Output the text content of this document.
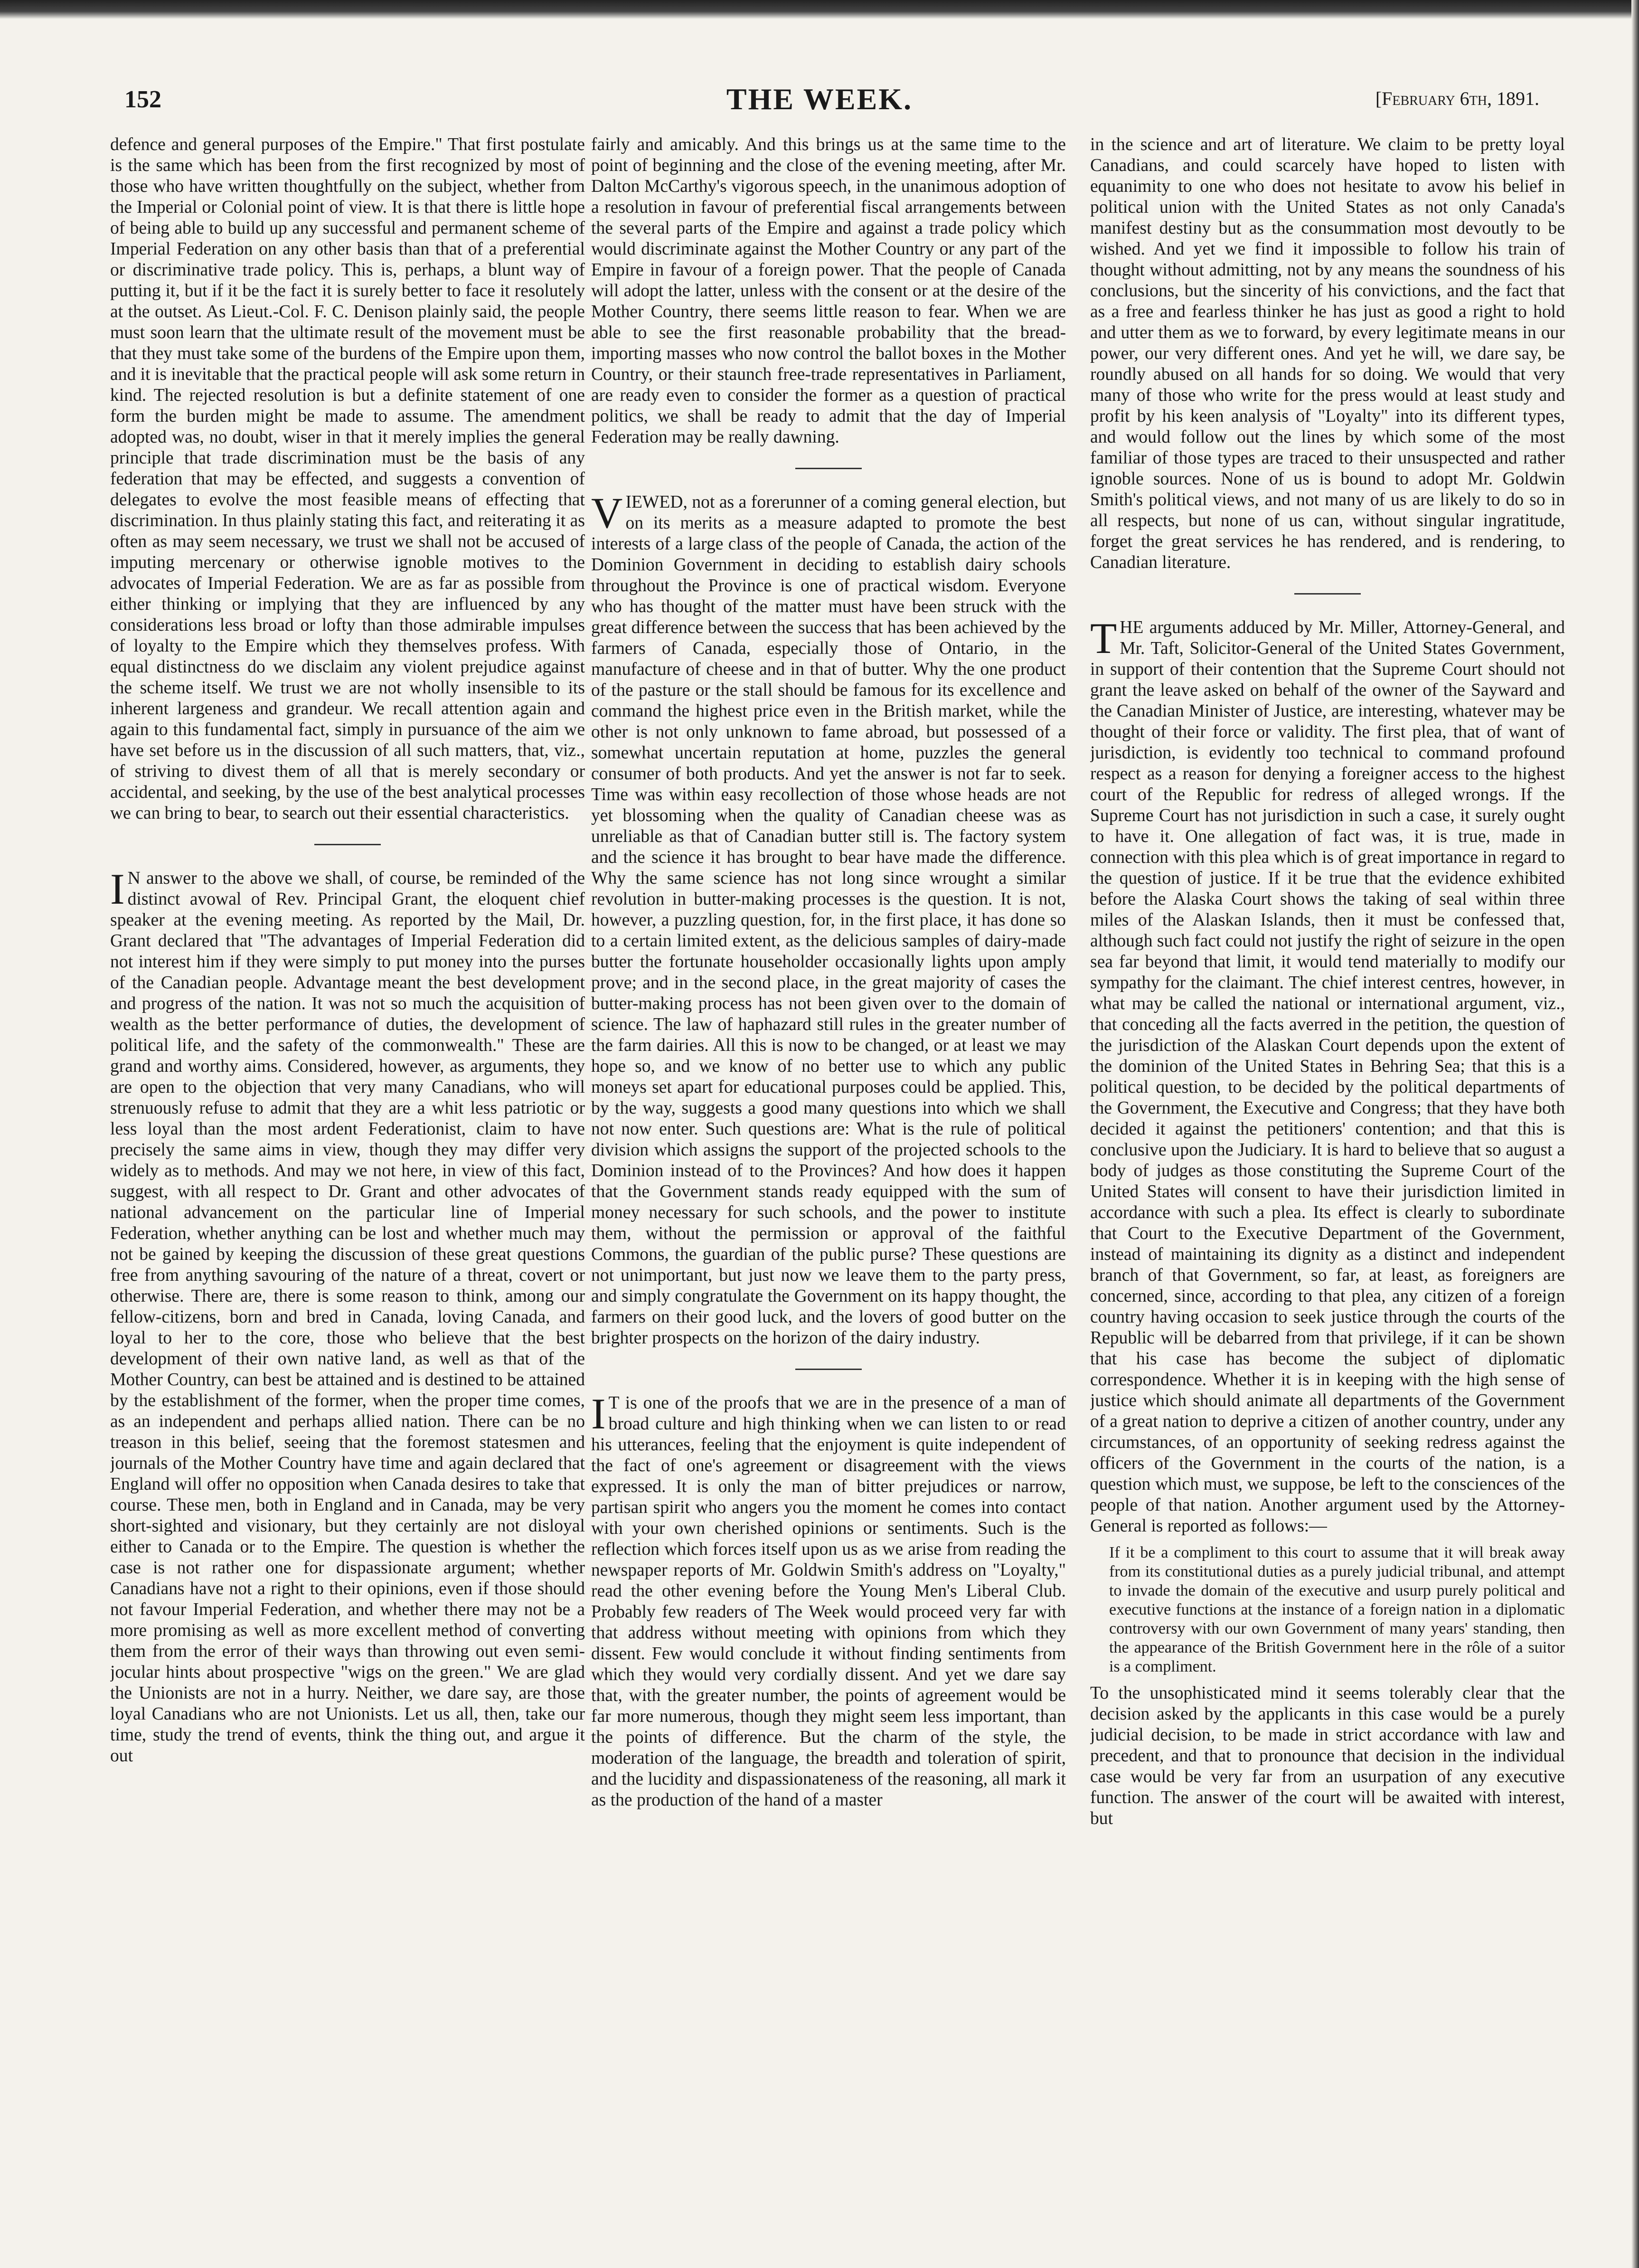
152	THE WEEK.	[February 6th, 1891.

defence and general purposes of the Empire." That first postulate is the same which has been from the first recognized by most of those who have written thoughtfully on the subject, whether from the Imperial or Colonial point of view. It is that there is little hope of being able to build up any successful and permanent scheme of Imperial Federation on any other basis than that of a preferential or discriminative trade policy. This is, perhaps, a blunt way of putting it, but if it be the fact it is surely better to face it resolutely at the outset. As Lieut.-Col. F. C. Denison plainly said, the people must soon learn that the ultimate result of the movement must be that they must take some of the burdens of the Empire upon them, and it is inevitable that the practical people will ask some return in kind. The rejected resolution is but a definite statement of one form the burden might be made to assume. The amendment adopted was, no doubt, wiser in that it merely implies the general principle that trade discrimination must be the basis of any federation that may be effected, and suggests a convention of delegates to evolve the most feasible means of effecting that discrimination. In thus plainly stating this fact, and reiterating it as often as may seem necessary, we trust we shall not be accused of imputing mercenary or otherwise ignoble motives to the advocates of Imperial Federation. We are as far as possible from either thinking or implying that they are influenced by any considerations less broad or lofty than those admirable impulses of loyalty to the Empire which they themselves profess. With equal distinctness do we disclaim any violent prejudice against the scheme itself. We trust we are not wholly insensible to its inherent largeness and grandeur. We recall attention again and again to this fundamental fact, simply in pursuance of the aim we have set before us in the discussion of all such matters, that, viz., of striving to divest them of all that is merely secondary or accidental, and seeking, by the use of the best analytical processes we can bring to bear, to search out their essential characteristics.

I N answer to the above we shall, of course, be reminded of the distinct avowal of Rev. Principal Grant, the eloquent chief speaker at the evening meeting. As reported by the Mail, Dr. Grant declared that "The advantages of Imperial Federation did not interest him if they were simply to put money into the purses of the Canadian people. Advantage meant the best development and progress of the nation. It was not so much the acquisition of wealth as the better performance of duties, the development of political life, and the safety of the commonwealth." These are grand and worthy aims. Considered, however, as arguments, they are open to the objection that very many Canadians, who will strenuously refuse to admit that they are a whit less patriotic or less loyal than the most ardent Federationist, claim to have precisely the same aims in view, though they may differ very widely as to methods. And may we not here, in view of this fact, suggest, with all respect to Dr. Grant and other advocates of national advancement on the particular line of Imperial Federation, whether anything can be lost and whether much may not be gained by keeping the discussion of these great questions free from anything savouring of the nature of a threat, covert or otherwise. There are, there is some reason to think, among our fellow-citizens, born and bred in Canada, loving Canada, and loyal to her to the core, those who believe that the best development of their own native land, as well as that of the Mother Country, can best be attained and is destined to be attained by the establishment of the former, when the proper time comes, as an independent and perhaps allied nation. There can be no treason in this belief, seeing that the foremost statesmen and journals of the Mother Country have time and again declared that England will offer no opposition when Canada desires to take that course. These men, both in England and in Canada, may be very short-sighted and visionary, but they certainly are not disloyal either to Canada or to the Empire. The question is whether the case is not rather one for dispassionate argument; whether Canadians have not a right to their opinions, even if those should not favour Imperial Federation, and whether there may not be a more promising as well as more excellent method of converting them from the error of their ways than throwing out even semi-jocular hints about prospective "wigs on the green." We are glad the Unionists are not in a hurry. Neither, we dare say, are those loyal Canadians who are not Unionists. Let us all, then, take our time, study the trend of events, think the thing out, and argue it out

fairly and amicably. And this brings us at the same time to the point of beginning and the close of the evening meeting, after Mr. Dalton McCarthy's vigorous speech, in the unanimous adoption of a resolution in favour of preferential fiscal arrangements between the several parts of the Empire and against a trade policy which would discriminate against the Mother Country or any part of the Empire in favour of a foreign power. That the people of Canada will adopt the latter, unless with the consent or at the desire of the Mother Country, there seems little reason to fear. When we are able to see the first reasonable probability that the bread-importing masses who now control the ballot boxes in the Mother Country, or their staunch free-trade representatives in Parliament, are ready even to consider the former as a question of practical politics, we shall be ready to admit that the day of Imperial Federation may be really dawning.

VIEWED, not as a forerunner of a coming general election, but on its merits as a measure adapted to promote the best interests of a large class of the people of Canada, the action of the Dominion Government in deciding to establish dairy schools throughout the Province is one of practical wisdom. Everyone who has thought of the matter must have been struck with the great difference between the success that has been achieved by the farmers of Canada, especially those of Ontario, in the manufacture of cheese and in that of butter. Why the one product of the pasture or the stall should be famous for its excellence and command the highest price even in the British market, while the other is not only unknown to fame abroad, but possessed of a somewhat uncertain reputation at home, puzzles the general consumer of both products. And yet the answer is not far to seek. Time was within easy recollection of those whose heads are not yet blossoming when the quality of Canadian cheese was as unreliable as that of Canadian butter still is. The factory system and the science it has brought to bear have made the difference. Why the same science has not long since wrought a similar revolution in butter-making processes is the question. It is not, however, a puzzling question, for, in the first place, it has done so to a certain limited extent, as the delicious samples of dairy-made butter the fortunate householder occasionally lights upon amply prove; and in the second place, in the great majority of cases the butter-making process has not been given over to the domain of science. The law of haphazard still rules in the greater number of the farm dairies. All this is now to be changed, or at least we may hope so, and we know of no better use to which any public moneys set apart for educational purposes could be applied. This, by the way, suggests a good many questions into which we shall not now enter. Such questions are: What is the rule of political division which assigns the support of the projected schools to the Dominion instead of to the Provinces? And how does it happen that the Government stands ready equipped with the sum of money necessary for such schools, and the power to institute them, without the permission or approval of the faithful Commons, the guardian of the public purse? These questions are not unimportant, but just now we leave them to the party press, and simply congratulate the Government on its happy thought, the farmers on their good luck, and the lovers of good butter on the brighter prospects on the horizon of the dairy industry.

I T is one of the proofs that we are in the presence of a man of broad culture and high thinking when we can listen to or read his utterances, feeling that the enjoyment is quite independent of the fact of one's agreement or disagreement with the views expressed. It is only the man of bitter prejudices or narrow, partisan spirit who angers you the moment he comes into contact with your own cherished opinions or sentiments. Such is the reflection which forces itself upon us as we arise from reading the newspaper reports of Mr. Goldwin Smith's address on "Loyalty," read the other evening before the Young Men's Liberal Club. Probably few readers of The Week would proceed very far with that address without meeting with opinions from which they dissent. Few would conclude it without finding sentiments from which they would very cordially dissent. And yet we dare say that, with the greater number, the points of agreement would be far more numerous, though they might seem less important, than the points of difference. But the charm of the style, the moderation of the language, the breadth and toleration of spirit, and the lucidity and dispassionateness of the reasoning, all mark it as the production of the hand of a master

in the science and art of literature. We claim to be pretty loyal Canadians, and could scarcely have hoped to listen with equanimity to one who does not hesitate to avow his belief in political union with the United States as not only Canada's manifest destiny but as the consummation most devoutly to be wished. And yet we find it impossible to follow his train of thought without admitting, not by any means the soundness of his conclusions, but the sincerity of his convictions, and the fact that as a free and fearless thinker he has just as good a right to hold and utter them as we to forward, by every legitimate means in our power, our very different ones. And yet he will, we dare say, be roundly abused on all hands for so doing. We would that very many of those who write for the press would at least study and profit by his keen analysis of "Loyalty" into its different types, and would follow out the lines by which some of the most familiar of those types are traced to their unsuspected and rather ignoble sources. None of us is bound to adopt Mr. Goldwin Smith's political views, and not many of us are likely to do so in all respects, but none of us can, without singular ingratitude, forget the great services he has rendered, and is rendering, to Canadian literature.

THE arguments adduced by Mr. Miller, Attorney-General, and Mr. Taft, Solicitor-General of the United States Government, in support of their contention that the Supreme Court should not grant the leave asked on behalf of the owner of the Sayward and the Canadian Minister of Justice, are interesting, whatever may be thought of their force or validity. The first plea, that of want of jurisdiction, is evidently too technical to command profound respect as a reason for denying a foreigner access to the highest court of the Republic for redress of alleged wrongs. If the Supreme Court has not jurisdiction in such a case, it surely ought to have it. One allegation of fact was, it is true, made in connection with this plea which is of great importance in regard to the question of justice. If it be true that the evidence exhibited before the Alaska Court shows the taking of seal within three miles of the Alaskan Islands, then it must be confessed that, although such fact could not justify the right of seizure in the open sea far beyond that limit, it would tend materially to modify our sympathy for the claimant. The chief interest centres, however, in what may be called the national or international argument, viz., that conceding all the facts averred in the petition, the question of the jurisdiction of the Alaskan Court depends upon the extent of the dominion of the United States in Behring Sea; that this is a political question, to be decided by the political departments of the Government, the Executive and Congress; that they have both decided it against the petitioners' contention; and that this is conclusive upon the Judiciary. It is hard to believe that so august a body of judges as those constituting the Supreme Court of the United States will consent to have their jurisdiction limited in accordance with such a plea. Its effect is clearly to subordinate that Court to the Executive Department of the Government, instead of maintaining its dignity as a distinct and independent branch of that Government, so far, at least, as foreigners are concerned, since, according to that plea, any citizen of a foreign country having occasion to seek justice through the courts of the Republic will be debarred from that privilege, if it can be shown that his case has become the subject of diplomatic correspondence. Whether it is in keeping with the high sense of justice which should animate all departments of the Government of a great nation to deprive a citizen of another country, under any circumstances, of an opportunity of seeking redress against the officers of the Government in the courts of the nation, is a question which must, we suppose, be left to the consciences of the people of that nation. Another argument used by the Attorney-General is reported as follows:—

If it be a compliment to this court to assume that it will break away from its constitutional duties as a purely judicial tribunal, and attempt to invade the domain of the executive and usurp purely political and executive functions at the instance of a foreign nation in a diplomatic controversy with our own Government of many years' standing, then the appearance of the British Government here in the rôle of a suitor is a compliment.

To the unsophisticated mind it seems tolerably clear that the decision asked by the applicants in this case would be a purely judicial decision, to be made in strict accordance with law and precedent, and that to pronounce that decision in the individual case would be very far from an usurpation of any executive function. The answer of the court will be awaited with interest, but
